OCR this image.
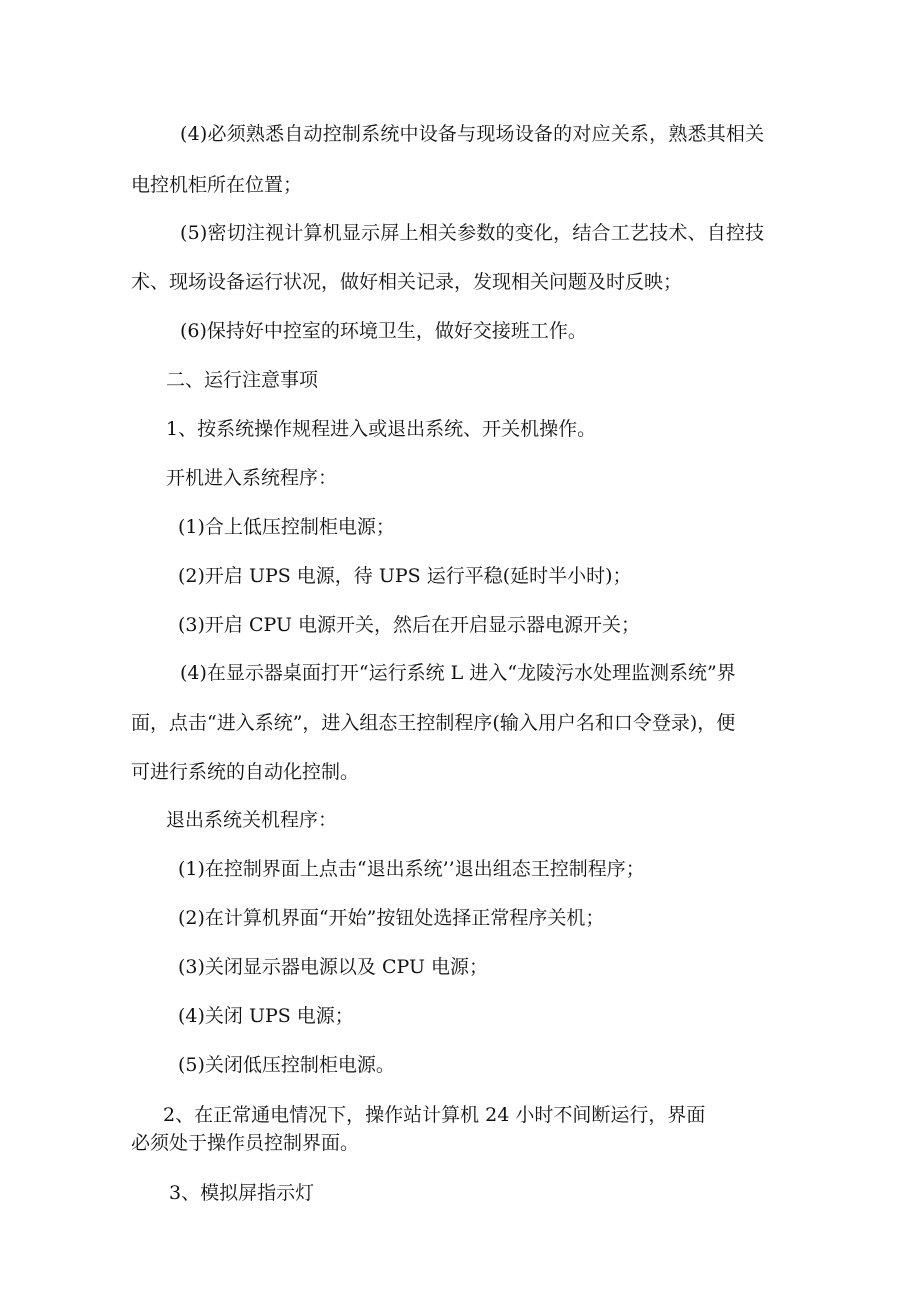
(4)必须熟悉自动控制系统中设备与现场设备的对应关系，熟悉其相关

电控机柜所在位置；

(5)密切注视计算机显示屏上相关参数的变化，结合工艺技术、自控技

术、现场设备运行状况，做好相关记录，发现相关问题及时反映；

(6)保持好中控室的环境卫生，做好交接班工作。

二、运行注意事项

1、按系统操作规程进入或退出系统、开关机操作。

开机进入系统程序：

(1)合上低压控制柜电源；

(2)开启 UPS 电源，待 UPS 运行平稳(延时半小时)；

(3)开启 CPU 电源开关，然后在开启显示器电源开关；

(4)在显示器桌面打开“运行系统 L 进入“龙陵污水处理监测系统”界

面，点击“进入系统”，进入组态王控制程序(输入用户名和口令登录)，便

可进行系统的自动化控制。

退出系统关机程序：

(1)在控制界面上点击“退出系统’’退出组态王控制程序；

(2)在计算机界面“开始”按钮处选择正常程序关机；

(3)关闭显示器电源以及 CPU 电源；

(4)关闭 UPS 电源；

(5)关闭低压控制柜电源。

2、在正常通电情况下，操作站计算机 24 小时不间断运行，界面

必须处于操作员控制界面。

3、模拟屏指示灯
